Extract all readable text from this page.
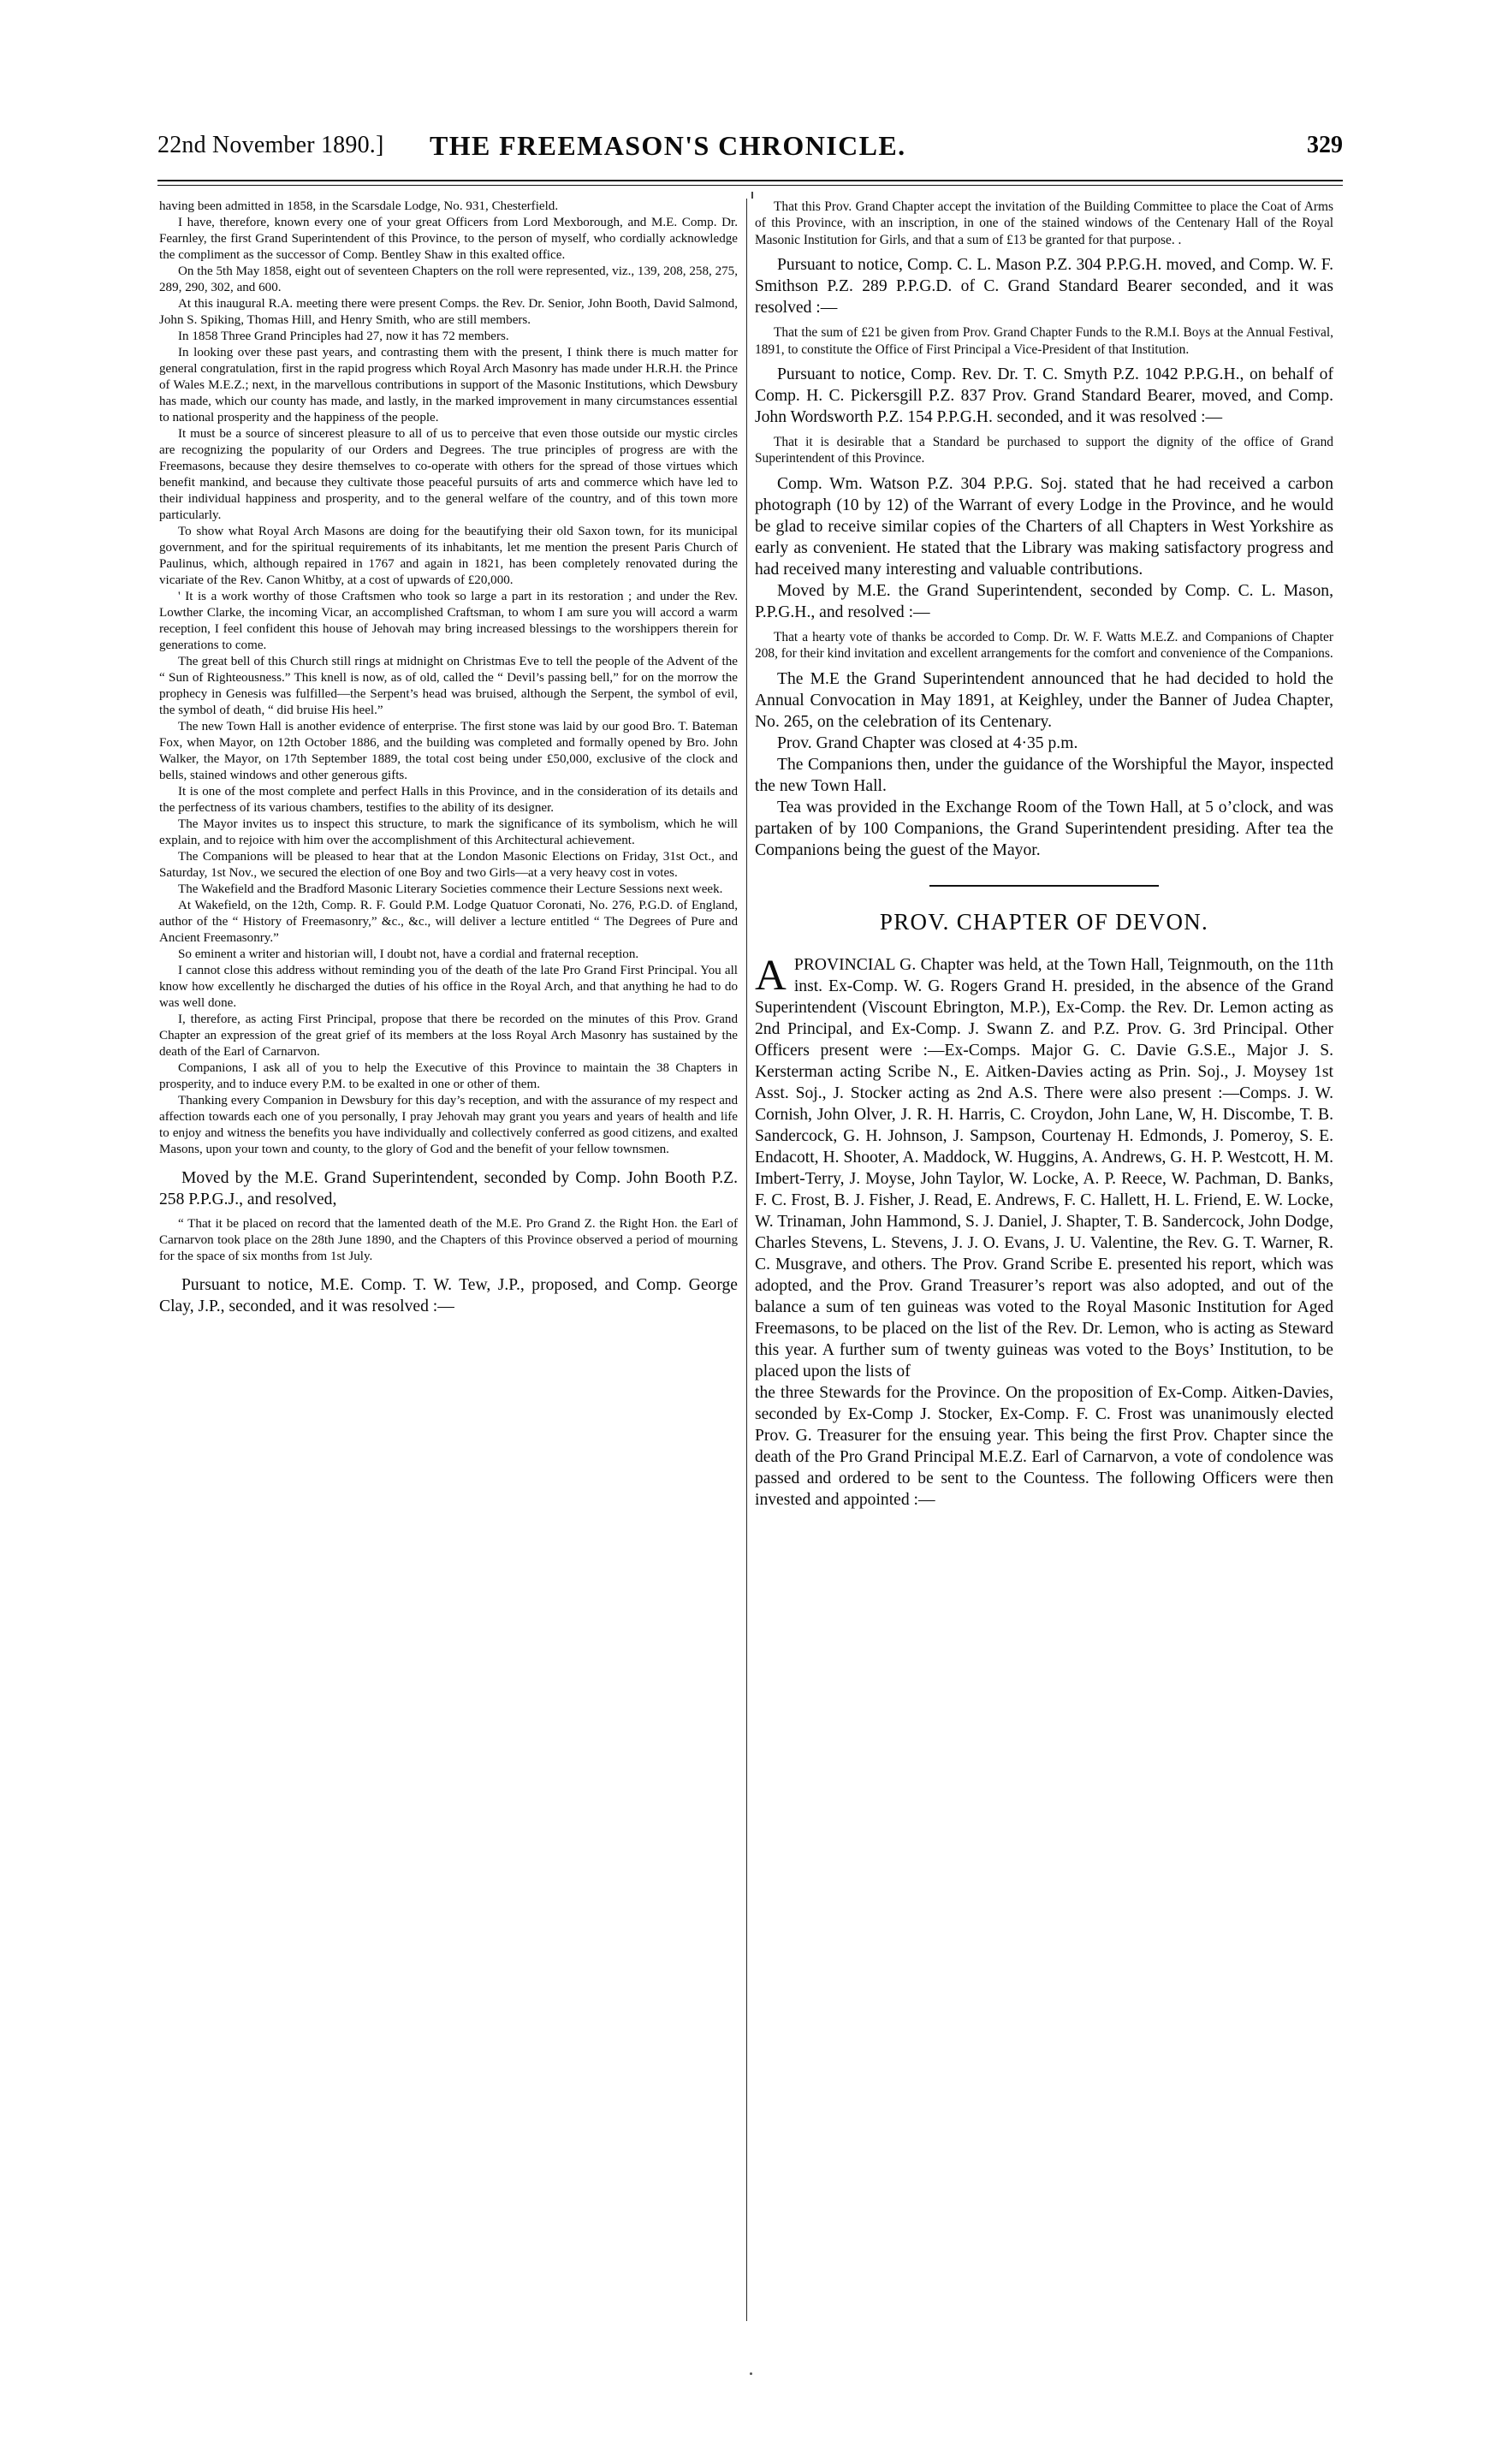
22nd November 1890.] THE FREEMASON'S CHRONICLE.	329

having been admitted in 1858, in the Scarsdale Lodge, No. 931, Chesterfield.

I have, therefore, known every one of your great Officers from Lord Mexborough, and M.E. Comp. Dr. Fearnley, the first Grand Superintendent of this Province, to the person of myself, who cordially acknowledge the compliment as the successor of Comp. Bentley Shaw in this exalted office.

On the 5th May 1858, eight out of seventeen Chapters on the roll were represented, viz., 139, 208, 258, 275, 289, 290, 302, and 600.

At this inaugural R.A. meeting there were present Comps. the Rev. Dr. Senior, John Booth, David Salmond, John S. Spiking, Thomas Hill, and Henry Smith, who are still members.

In 1858 Three Grand Principles had 27, now it has 72 members.

In looking over these past years, and contrasting them with the present, I think there is much matter for general congratulation, first in the rapid progress which Royal Arch Masonry has made under H.R.H. the Prince of Wales M.E.Z.; next, in the marvellous contributions in support of the Masonic Institutions, which Dewsbury has made, which our county has made, and lastly, in the marked improvement in many circumstances essential to national prosperity and the happiness of the people.

It must be a source of sincerest pleasure to all of us to perceive that even those outside our mystic circles are recognizing the popularity of our Orders and Degrees. The true principles of progress are with the Freemasons, because they desire themselves to co-operate with others for the spread of those virtues which benefit mankind, and because they cultivate those peaceful pursuits of arts and commerce which have led to their individual happiness and prosperity, and to the general welfare of the country, and of this town more particularly.

To show what Royal Arch Masons are doing for the beautifying their old Saxon town, for its municipal government, and for the spiritual requirements of its inhabitants, let me mention the present Paris Church of Paulinus, which, although repaired in 1767 and again in 1821, has been completely renovated during the vicariate of the Rev. Canon Whitby, at a cost of upwards of £20,000.

' It is a work worthy of those Craftsmen who took so large a part in its restoration ; and under the Rev. Lowther Clarke, the incoming Vicar, an accomplished Craftsman, to whom I am sure you will accord a warm reception, I feel confident this house of Jehovah may bring increased blessings to the worshippers therein for generations to come.

The great bell of this Church still rings at midnight on Christmas Eve to tell the people of the Advent of the “ Sun of Righteousness.” This knell is now, as of old, called the “ Devil’s passing bell,” for on the morrow the prophecy in Genesis was fulfilled—the Serpent’s head was bruised, although the Serpent, the symbol of evil, the symbol of death, “ did bruise His heel.”

The new Town Hall is another evidence of enterprise. The first stone was laid by our good Bro. T. Bateman Fox, when Mayor, on 12th October 1886, and the building was completed and formally opened by Bro. John Walker, the Mayor, on 17th September 1889, the total cost being under £50,000, exclusive of the clock and bells, stained windows and other generous gifts.

It is one of the most complete and perfect Halls in this Province, and in the consideration of its details and the perfectness of its various chambers, testifies to the ability of its designer.

The Mayor invites us to inspect this structure, to mark the significance of its symbolism, which he will explain, and to rejoice with him over the accomplishment of this Architectural achievement.

The Companions will be pleased to hear that at the London Masonic Elections on Friday, 31st Oct., and Saturday, 1st Nov., we secured the election of one Boy and two Girls—at a very heavy cost in votes.

The Wakefield and the Bradford Masonic Literary Societies commence their Lecture Sessions next week.

At Wakefield, on the 12th, Comp. R. F. Gould P.M. Lodge Quatuor Coronati, No. 276, P.G.D. of England, author of the “ History of Freemasonry,” &c., &c., will deliver a lecture entitled “ The Degrees of Pure and Ancient Freemasonry.”

So eminent a writer and historian will, I doubt not, have a cordial and fraternal reception.

I cannot close this address without reminding you of the death of the late Pro Grand First Principal. You all know how excellently he discharged the duties of his office in the Royal Arch, and that anything he had to do was well done.

I, therefore, as acting First Principal, propose that there be recorded on the minutes of this Prov. Grand Chapter an expression of the great grief of its members at the loss Royal Arch Masonry has sustained by the death of the Earl of Carnarvon.

Companions, I ask all of you to help the Executive of this Province to maintain the 38 Chapters in prosperity, and to induce every P.M. to be exalted in one or other of them.

Thanking every Companion in Dewsbury for this day’s reception, and with the assurance of my respect and affection towards each one of you personally, I pray Jehovah may grant you years and years of health and life to enjoy and witness the benefits you have individually and collectively conferred as good citizens, and exalted Masons, upon your town and county, to the glory of God and the benefit of your fellow townsmen.

Moved by the M.E. Grand Superintendent, seconded by Comp. John Booth P.Z. 258 P.P.G.J., and resolved,

“ That it be placed on record that the lamented death of the M.E. Pro Grand Z. the Right Hon. the Earl of Carnarvon took place on the 28th June 1890, and the Chapters of this Province observed a period of mourning for the space of six months from 1st July.

Pursuant to notice, M.E. Comp. T. W. Tew, J.P., proposed, and Comp. George Clay, J.P., seconded, and it was resolved :—

That this Prov. Grand Chapter accept the invitation of the Building Committee to place the Coat of Arms of this Province, with an inscription, in one of the stained windows of the Centenary Hall of the Royal Masonic Institution for Girls, and that a sum of £13 be granted for that purpose. .

Pursuant to notice, Comp. C. L. Mason P.Z. 304 P.P.G.H. moved, and Comp. W. F. Smithson P.Z. 289 P.P.G.D. of C. Grand Standard Bearer seconded, and it was resolved :—

That the sum of £21 be given from Prov. Grand Chapter Funds to the R.M.I. Boys at the Annual Festival, 1891, to constitute the Office of First Principal a Vice-President of that Institution.

Pursuant to notice, Comp. Rev. Dr. T. C. Smyth P.Z. 1042 P.P.G.H., on behalf of Comp. H. C. Pickersgill P.Z. 837 Prov. Grand Standard Bearer, moved, and Comp. John Wordsworth P.Z. 154 P.P.G.H. seconded, and it was resolved :—

That it is desirable that a Standard be purchased to support the dignity of the office of Grand Superintendent of this Province.

Comp. Wm. Watson P.Z. 304 P.P.G. Soj. stated that he had received a carbon photograph (10 by 12) of the Warrant of every Lodge in the Province, and he would be glad to receive similar copies of the Charters of all Chapters in West Yorkshire as early as convenient. He stated that the Library was making satisfactory progress and had received many interesting and valuable contributions.

Moved by M.E. the Grand Superintendent, seconded by Comp. C. L. Mason, P.P.G.H., and resolved :—

That a hearty vote of thanks be accorded to Comp. Dr. W. F. Watts M.E.Z. and Companions of Chapter 208, for their kind invitation and excellent arrangements for the comfort and convenience of the Companions.

The M.E the Grand Superintendent announced that he had decided to hold the Annual Convocation in May 1891, at Keighley, under the Banner of Judea Chapter, No. 265, on the celebration of its Centenary.

Prov. Grand Chapter was closed at 4·35 p.m.

The Companions then, under the guidance of the Worshipful the Mayor, inspected the new Town Hall.

Tea was provided in the Exchange Room of the Town Hall, at 5 o’clock, and was partaken of by 100 Companions, the Grand Superintendent presiding. After tea the Companions being the guest of the Mayor.

PROV. CHAPTER OF DEVON.

APROVINCIAL G. Chapter was held, at the Town Hall, Teignmouth, on the 11th inst. Ex-Comp. W. G. Rogers Grand H. presided, in the absence of the Grand Superintendent (Viscount Ebrington, M.P.), Ex-Comp. the Rev. Dr. Lemon acting as 2nd Principal, and Ex-Comp. J. Swann Z. and P.Z. Prov. G. 3rd Principal. Other Officers present were :—Ex-Comps. Major G. C. Davie G.S.E., Major J. S. Kersterman acting Scribe N., E. Aitken-Davies acting as Prin. Soj., J. Moysey 1st Asst. Soj., J. Stocker acting as 2nd A.S. There were also present :—Comps. J. W. Cornish, John Olver, J. R. H. Harris, C. Croydon, John Lane, W, H. Discombe, T. B. Sandercock, G. H. Johnson, J. Sampson, Courtenay H. Edmonds, J. Pomeroy, S. E. Endacott, H. Shooter, A. Maddock, W. Huggins, A. Andrews, G. H. P. Westcott, H. M. Imbert-Terry, J. Moyse, John Taylor, W. Locke, A. P. Reece, W. Pachman, D. Banks, F. C. Frost, B. J. Fisher, J. Read, E. Andrews, F. C. Hallett, H. L. Friend, E. W. Locke, W. Trinaman, John Hammond, S. J. Daniel, J. Shapter, T. B. Sandercock, John Dodge, Charles Stevens, L. Stevens, J. J. O. Evans, J. U. Valentine, the Rev. G. T. Warner, R. C. Musgrave, and others. The Prov. Grand Scribe E. presented his report, which was adopted, and the Prov. Grand Treasurer’s report was also adopted, and out of the balance a sum of ten guineas was voted to the Royal Masonic Institution for Aged Freemasons, to be placed on the list of the Rev. Dr. Lemon, who is acting as Steward this year. A further sum of twenty guineas was voted to the Boys’ Institution, to be placed upon the lists of

the three Stewards for the Province. On the proposition of Ex-Comp. Aitken-Davies, seconded by Ex-Comp J. Stocker, Ex-Comp. F. C. Frost was unanimously elected Prov. G. Treasurer for the ensuing year. This being the first Prov. Chapter since the death of the Pro Grand Principal M.E.Z. Earl of Carnarvon, a vote of condolence was passed and ordered to be sent to the Countess. The following Officers were then invested and appointed :—
